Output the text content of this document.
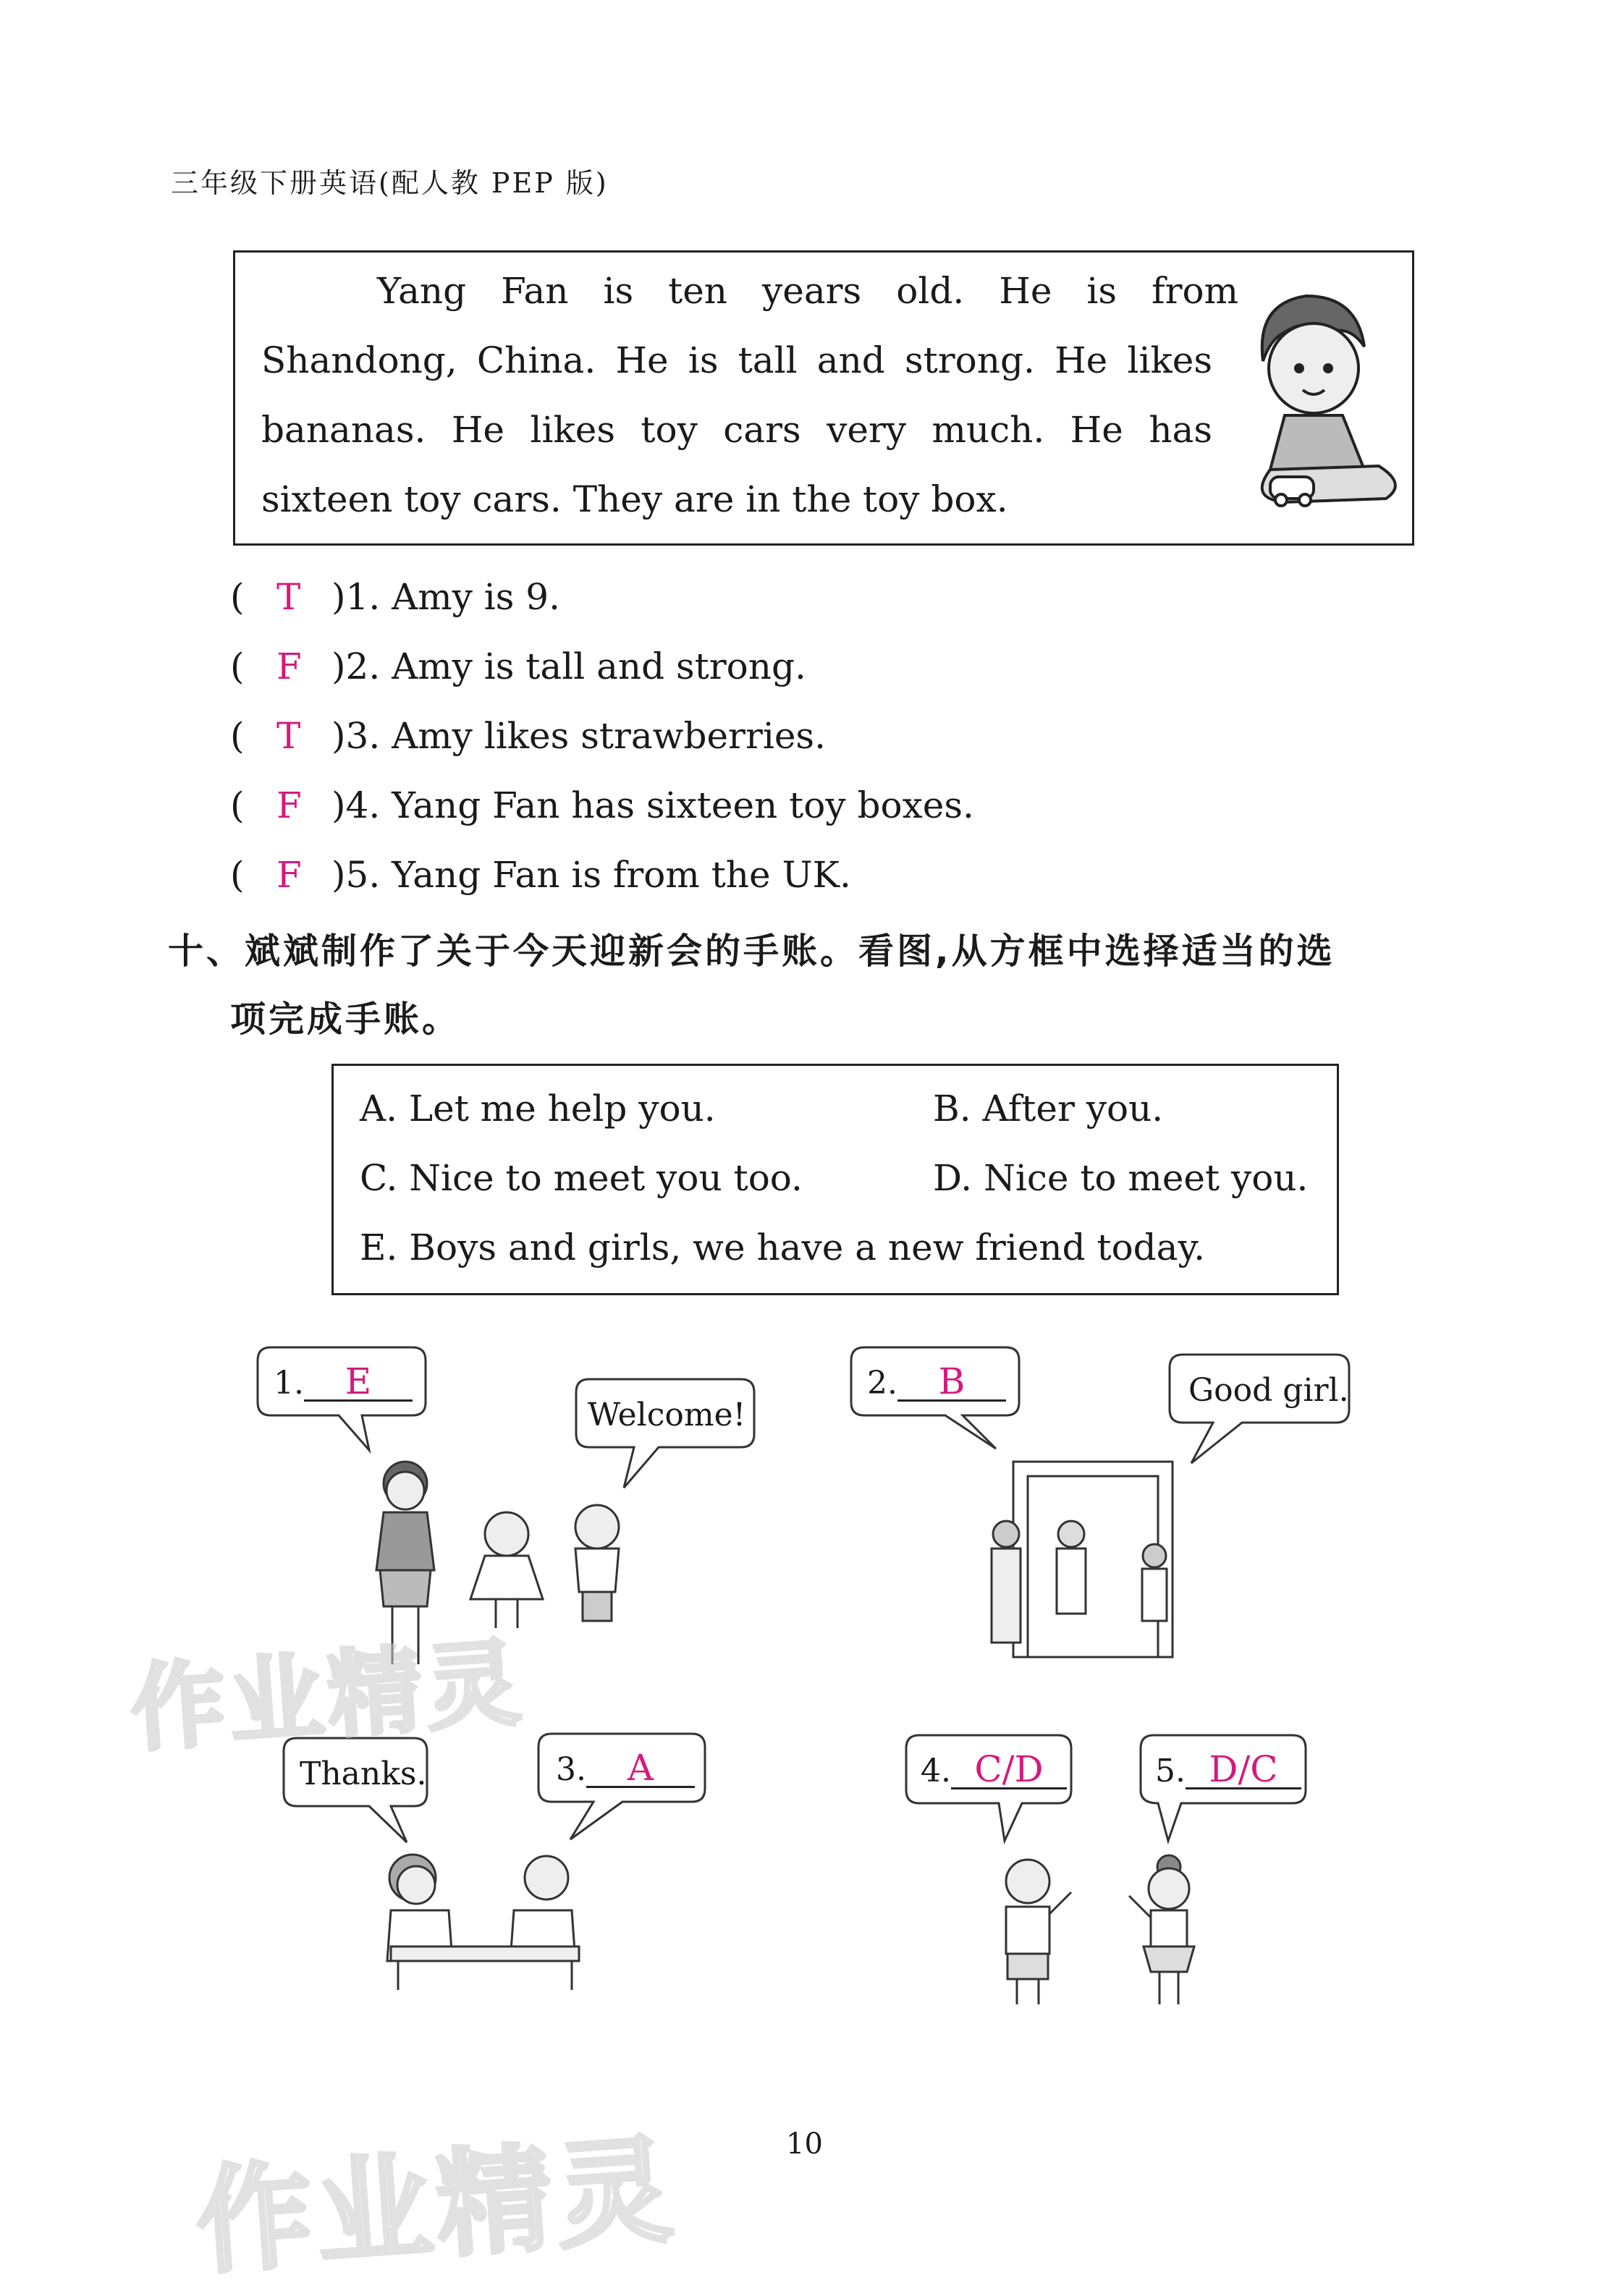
三年级下册英语(配人教 PEP 版)
Yang Fan is ten years old. He is from
Shandong, China. He is tall and strong. He likes
bananas. He likes toy cars very much. He has
sixteen toy cars. They are in the toy box.
( T )1. Amy is 9.
( F )2. Amy is tall and strong.
( T )3. Amy likes strawberries.
( F )4. Yang Fan has sixteen toy boxes.
( F )5. Yang Fan is from the UK.
十、斌斌制作了关于今天迎新会的手账。看图,从方框中选择适当的选
项完成手账。
A. Let me help you.	B. After you.
C. Nice to meet you too.	D. Nice to meet you.
E. Boys and girls, we have a new friend today.
1. E
Welcome!
2. B	Good girl.
Thanks.	3. A	4. C/D	5. D/C
作业精灵
作业精灵	10
